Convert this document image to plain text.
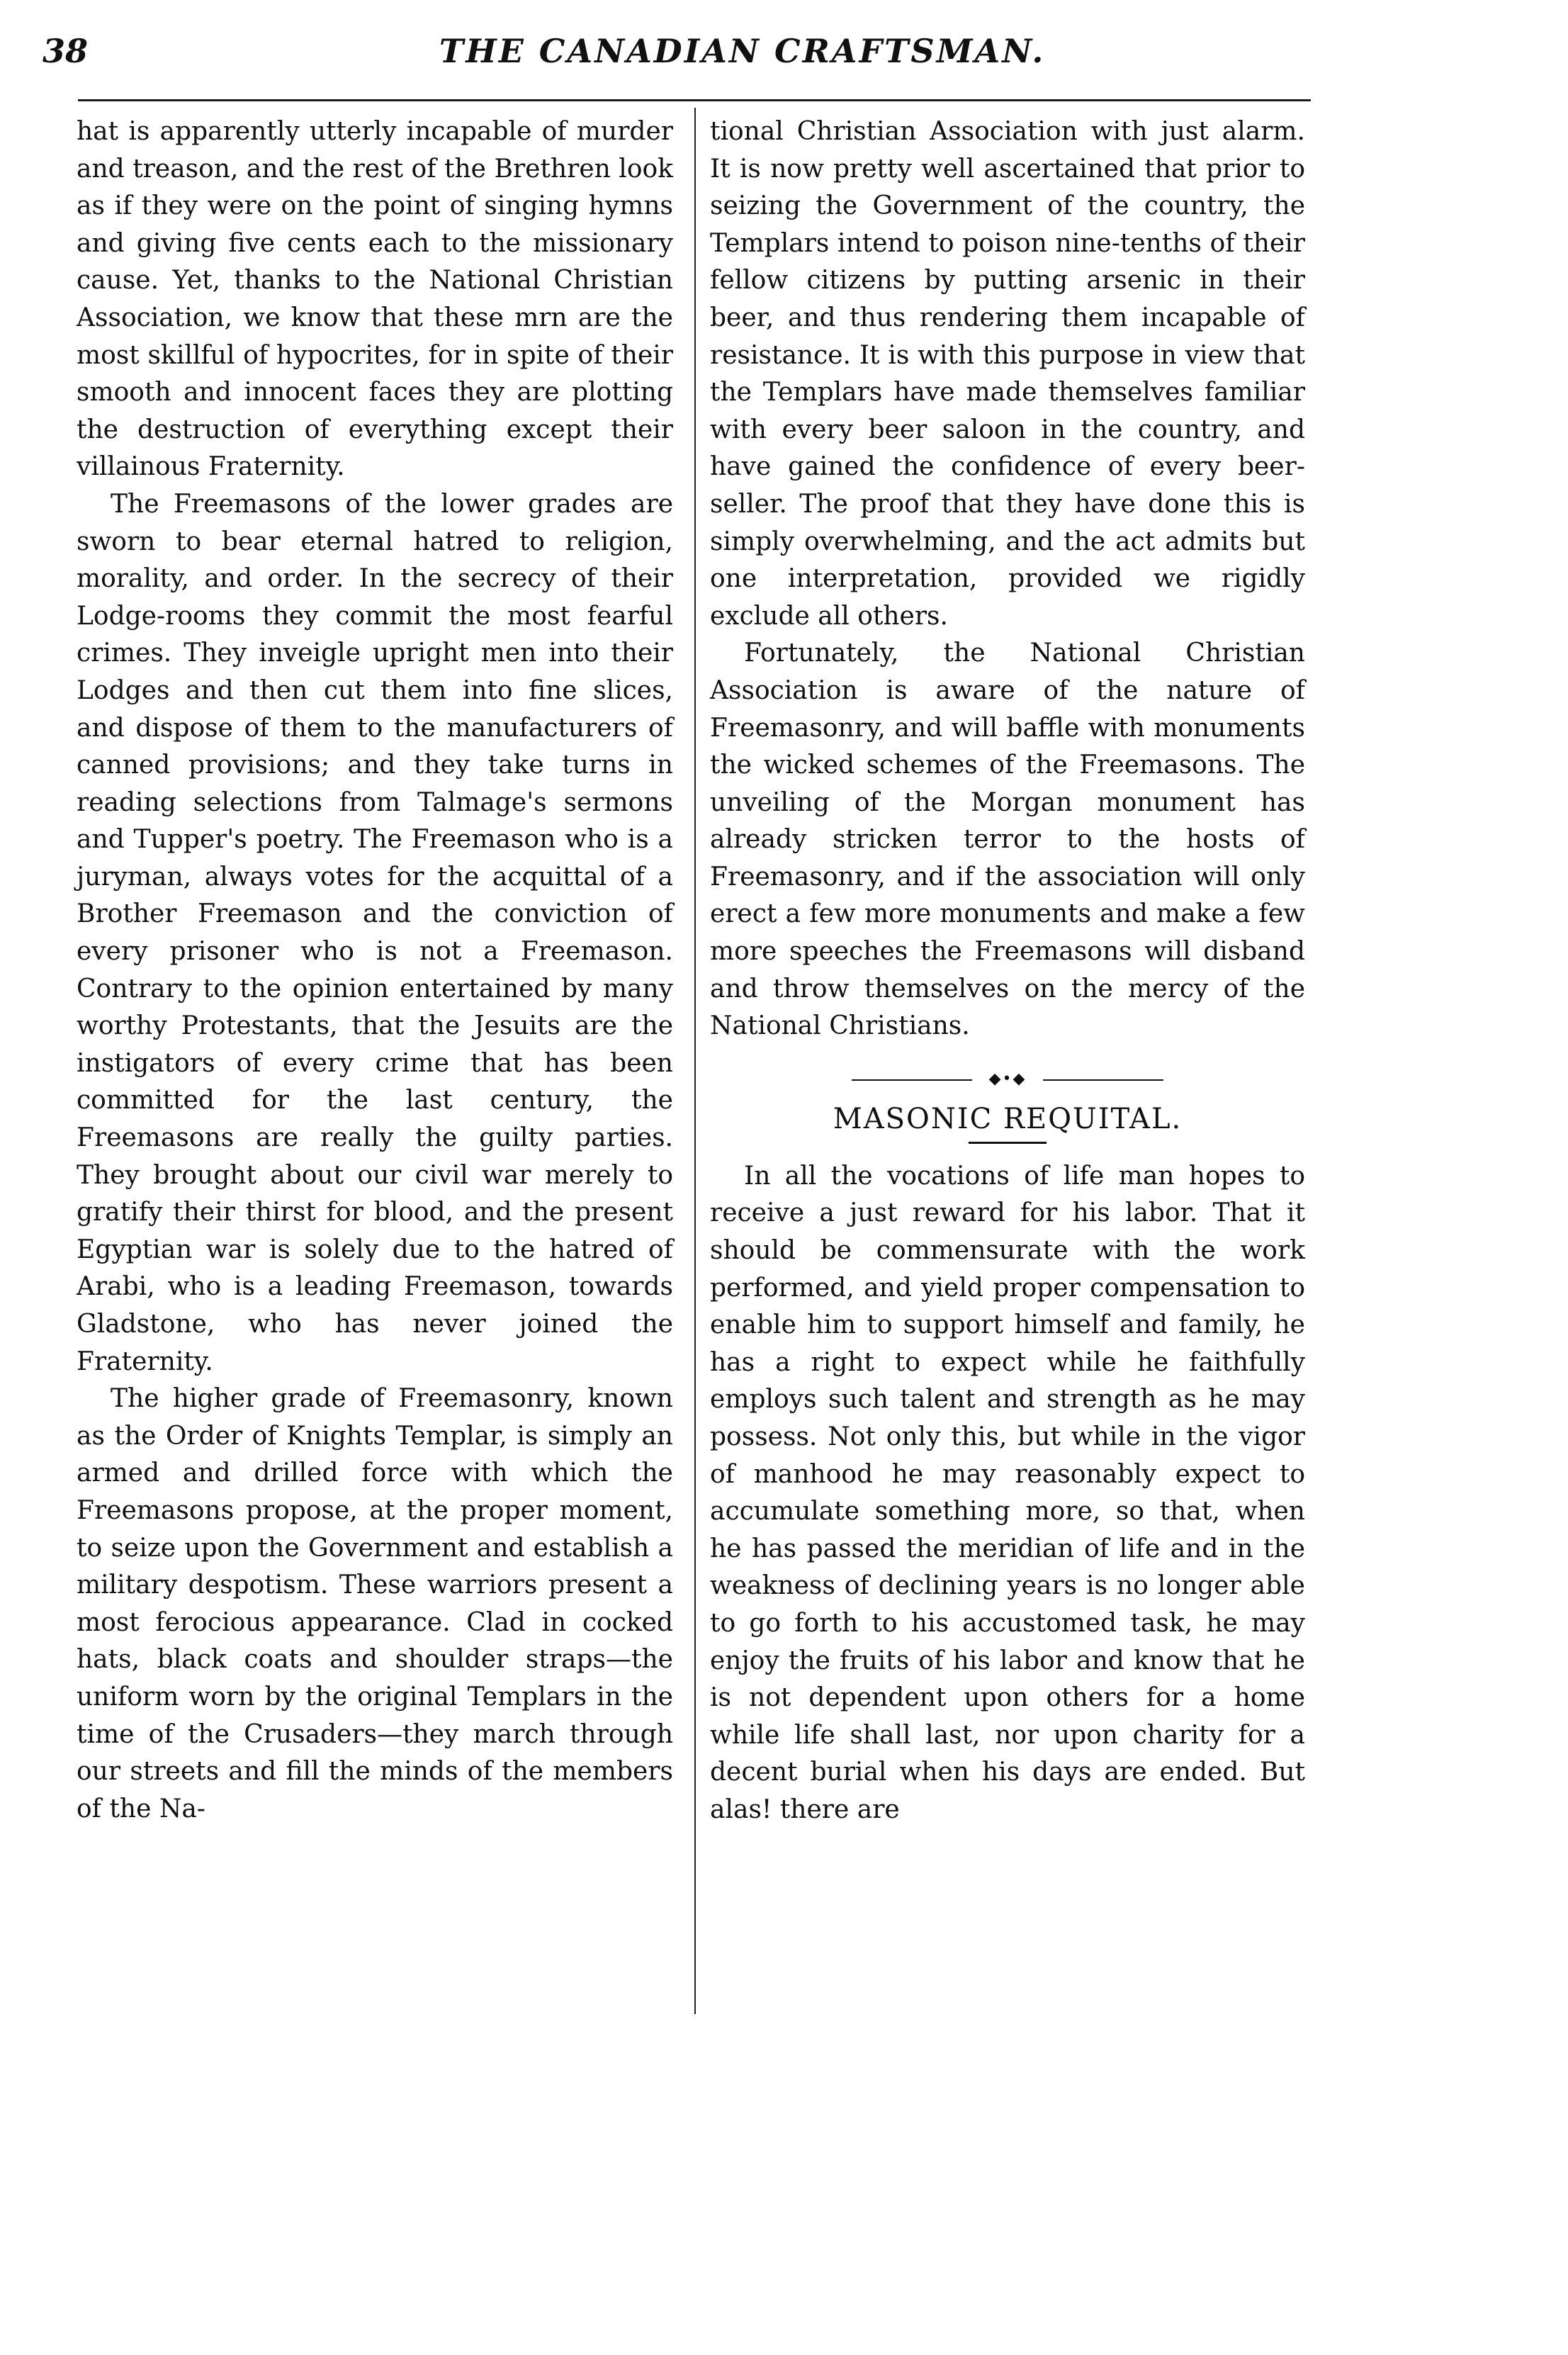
38	THE CANADIAN CRAFTSMAN.

hat is apparently utterly incapable of murder and treason, and the rest of the Brethren look as if they were on the point of singing hymns and giving five cents each to the missionary cause. Yet, thanks to the National Christian Association, we know that these mrn are the most skillful of hypocrites, for in spite of their smooth and innocent faces they are plotting the destruction of everything except their villainous Fraternity.

The Freemasons of the lower grades are sworn to bear eternal hatred to religion, morality, and order. In the secrecy of their Lodge-rooms they commit the most fearful crimes. They inveigle upright men into their Lodges and then cut them into fine slices, and dispose of them to the manufacturers of canned provisions; and they take turns in reading selections from Talmage's sermons and Tupper's poetry. The Freemason who is a juryman, always votes for the acquittal of a Brother Freemason and the conviction of every prisoner who is not a Freemason. Contrary to the opinion entertained by many worthy Protestants, that the Jesuits are the instigators of every crime that has been committed for the last century, the Freemasons are really the guilty parties. They brought about our civil war merely to gratify their thirst for blood, and the present Egyptian war is solely due to the hatred of Arabi, who is a leading Freemason, towards Gladstone, who has never joined the Fraternity.

The higher grade of Freemasonry, known as the Order of Knights Templar, is simply an armed and drilled force with which the Freemasons propose, at the proper moment, to seize upon the Government and establish a military despotism. These warriors present a most ferocious appearance. Clad in cocked hats, black coats and shoulder straps—the uniform worn by the original Templars in the time of the Crusaders—they march through our streets and fill the minds of the members of the Na-

tional Christian Association with just alarm. It is now pretty well ascertained that prior to seizing the Government of the country, the Templars intend to poison nine-tenths of their fellow citizens by putting arsenic in their beer, and thus rendering them incapable of resistance. It is with this purpose in view that the Templars have made themselves familiar with every beer saloon in the country, and have gained the confidence of every beer-seller. The proof that they have done this is simply overwhelming, and the act admits but one interpretation, provided we rigidly exclude all others.

Fortunately, the National Christian Association is aware of the nature of Freemasonry, and will baffle with monuments the wicked schemes of the Freemasons. The unveiling of the Morgan monument has already stricken terror to the hosts of Freemasonry, and if the association will only erect a few more monuments and make a few more speeches the Freemasons will disband and throw themselves on the mercy of the National Christians.

◆•◆
MASONIC REQUITAL.

In all the vocations of life man hopes to receive a just reward for his labor. That it should be commensurate with the work performed, and yield proper compensation to enable him to support himself and family, he has a right to expect while he faithfully employs such talent and strength as he may possess. Not only this, but while in the vigor of manhood he may reasonably expect to accumulate something more, so that, when he has passed the meridian of life and in the weakness of declining years is no longer able to go forth to his accustomed task, he may enjoy the fruits of his labor and know that he is not dependent upon others for a home while life shall last, nor upon charity for a decent burial when his days are ended. But alas! there are
